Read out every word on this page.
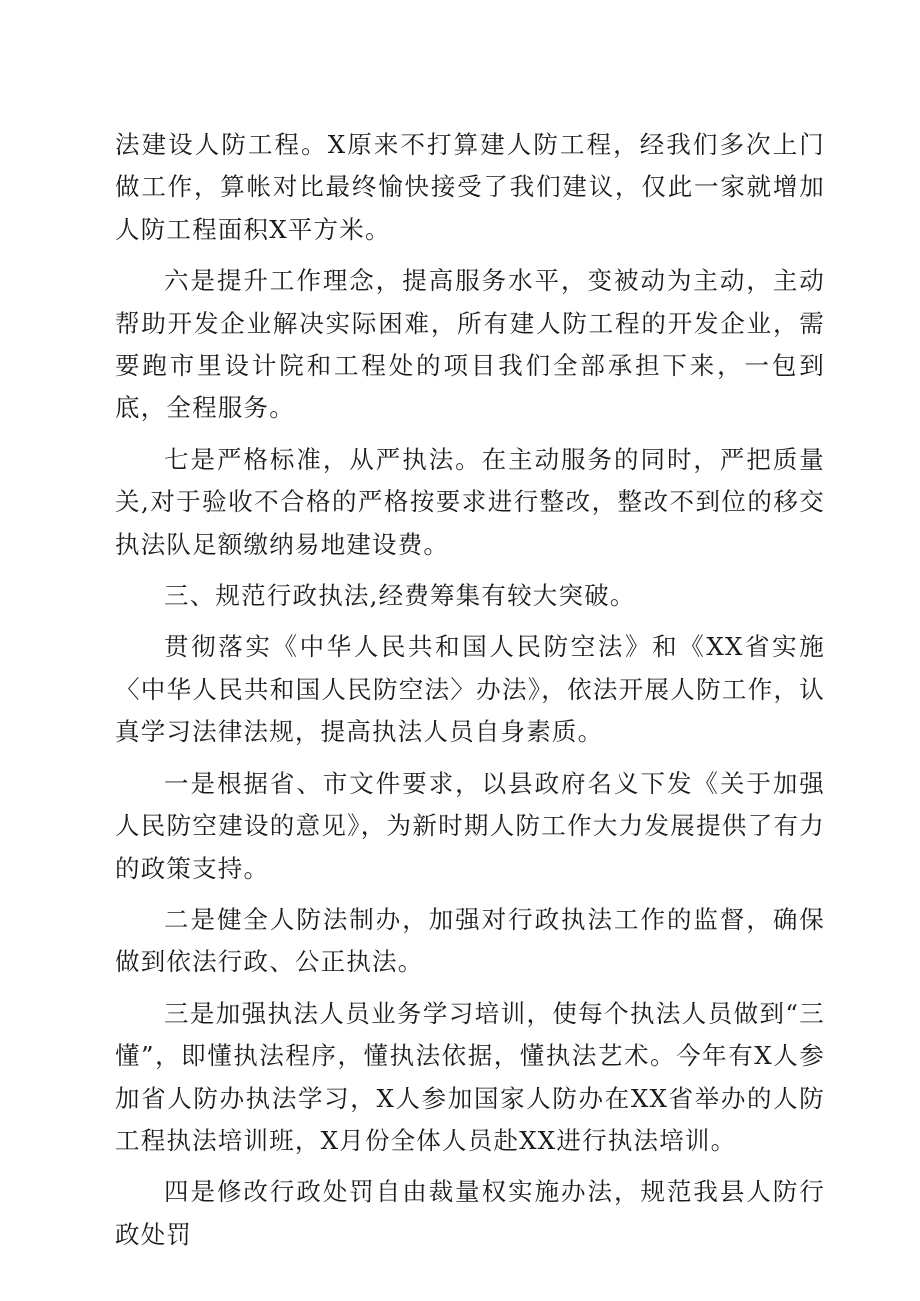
法建设人防工程。X原来不打算建人防工程，经我们多次上门做工作，算帐对比最终愉快接受了我们建议，仅此一家就增加人防工程面积X平方米。

六是提升工作理念，提高服务水平，变被动为主动，主动帮助开发企业解决实际困难，所有建人防工程的开发企业，需要跑市里设计院和工程处的项目我们全部承担下来，一包到底，全程服务。

七是严格标准，从严执法。在主动服务的同时，严把质量关,对于验收不合格的严格按要求进行整改，整改不到位的移交执法队足额缴纳易地建设费。

三、规范行政执法,经费筹集有较大突破。

贯彻落实《中华人民共和国人民防空法》和《XX省实施〈中华人民共和国人民防空法〉办法》，依法开展人防工作，认真学习法律法规，提高执法人员自身素质。

一是根据省、市文件要求，以县政府名义下发《关于加强人民防空建设的意见》，为新时期人防工作大力发展提供了有力的政策支持。

二是健全人防法制办，加强对行政执法工作的监督，确保做到依法行政、公正执法。

三是加强执法人员业务学习培训，使每个执法人员做到“三懂”，即懂执法程序，懂执法依据，懂执法艺术。今年有X人参加省人防办执法学习，X人参加国家人防办在XX省举办的人防工程执法培训班，X月份全体人员赴XX进行执法培训。

四是修改行政处罚自由裁量权实施办法，规范我县人防行政处罚
